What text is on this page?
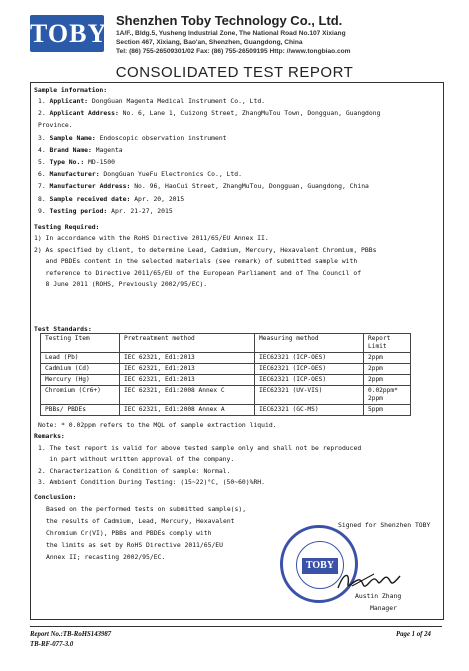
TOBY Shenzhen Toby Technology Co., Ltd.
1A/F., Bldg.5, Yusheng Industrial Zone, The National Road No.107 Xixiang
Section 467, Xixiang, Bao'an, Shenzhen, Guangdong, China
Tel: (86) 755-26509301/02 Fax: (86) 755-26509195 Http: //www.tongbiao.com
CONSOLIDATED TEST REPORT
Sample information:
1. Applicant: DongGuan Magenta Medical Instrument Co., Ltd.
2. Applicant Address: No. 6, Lane 1, Cuizong Street, ZhangMuTou Town, Dongguan, Guangdong
Province.
3. Sample Name: Endoscopic observation instrument
4. Brand Name: Magenta
5. Type No.: MD-1500
6. Manufacturer: DongGuan YueFu Electronics Co., Ltd.
7. Manufacturer Address: No. 96, HaoCui Street, ZhangMuTou, Dongguan, Guangdong, China
8. Sample received date: Apr. 20, 2015
9. Testing period: Apr. 21-27, 2015
Testing Required:
1) In accordance with the RoHS Directive 2011/65/EU Annex II.
2) As specified by client, to determine Lead, Cadmium, Mercury, Hexavalent Chromium, PBBs
and PBDEs content in the selected materials (see remark) of submitted sample with
reference to Directive 2011/65/EU of the European Parliament and of The Council of
8 June 2011 (ROHS, Previously 2002/95/EC).
Test Standards:
Testing Item	Pretreatment method	Measuring method	Report Limit
Lead (Pb)	IEC 62321, Ed1:2013	IEC62321 (ICP-OES)	2ppm
Cadmium (Cd)	IEC 62321, Ed1:2013	IEC62321 (ICP-OES)	2ppm
Mercury (Hg)	IEC 62321, Ed1:2013	IEC62321 (ICP-OES)	2ppm
Chromium (Cr6+)	IEC 62321, Ed1:2008 Annex C	IEC62321 (UV-VIS)	0.02ppm* 2ppm
PBBs/ PBDEs	IEC 62321, Ed1:2008 Annex A	IEC62321 (GC-MS)	5ppm
Note: * 0.02ppm refers to the MQL of sample extraction liquid.
Remarks:
1. The test report is valid for above tested sample only and shall not be reproduced
in part without written approval of the company.
2. Characterization & Condition of sample: Normal.
3. Ambient Condition During Testing: (15~22)°C, (50~60)%RH.
Conclusion:
Based on the performed tests on submitted sample(s),
the results of Cadmium, Lead, Mercury, Hexavalent
Chromium Cr(VI), PBBs and PBDEs comply with
the limits as set by RoHS Directive 2011/65/EU
Annex II; recasting 2002/95/EC.
Signed for Shenzhen TOBY
TOBY
Austin Zhang
Manager
Report No.:TB-RoHS143987
TB-RF-077-3.0
Page 1 of 24
